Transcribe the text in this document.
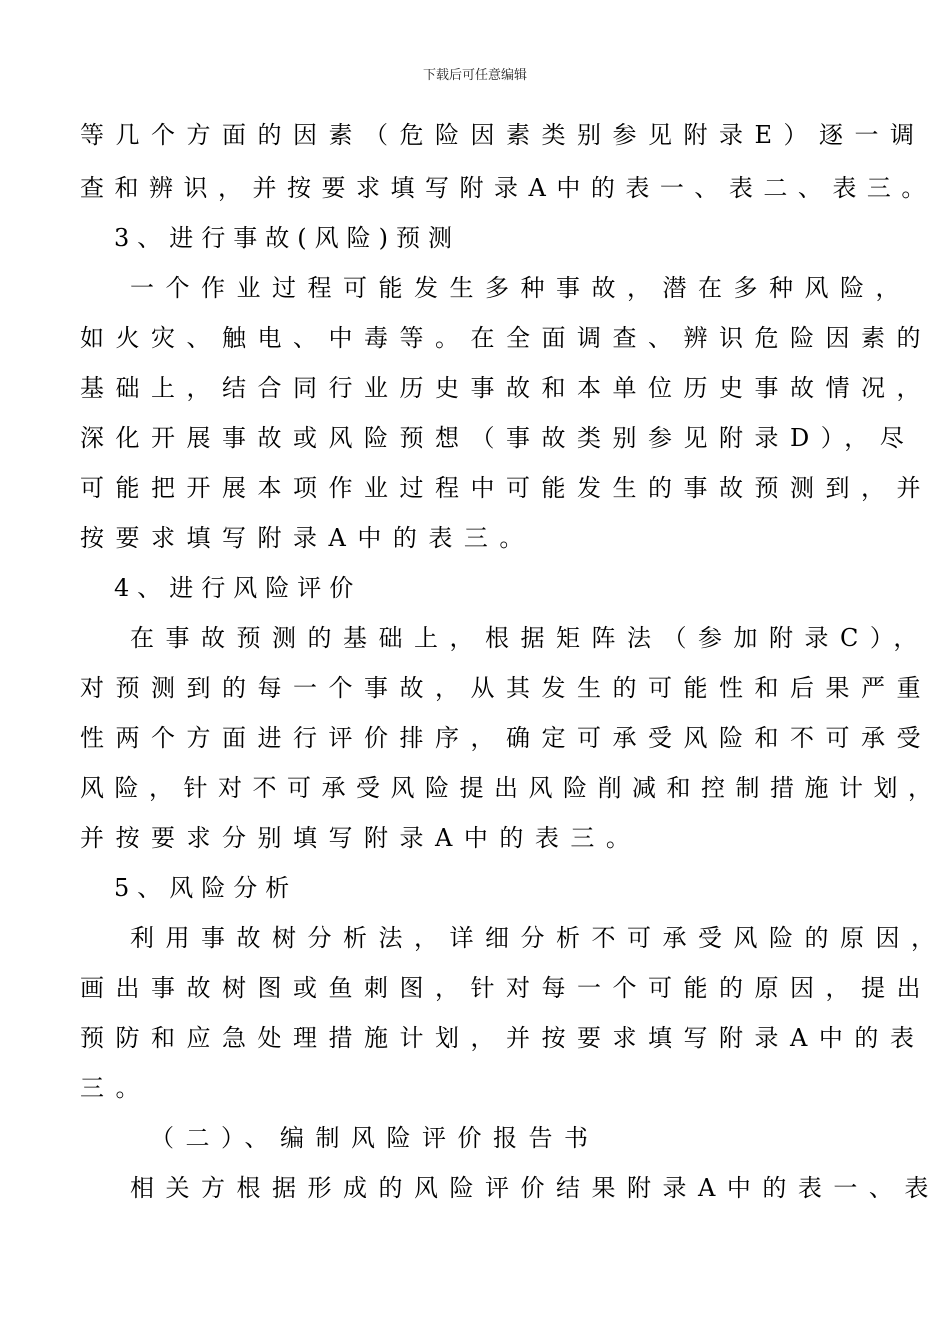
下载后可任意编辑
等几个方面的因素（危险因素类别参见附录E）逐一调
查和辨识，并按要求填写附录A中的表一、表二、表三。
3、进行事故(风险)预测
一个作业过程可能发生多种事故，潜在多种风险，
如火灾、触电、中毒等。在全面调查、辨识危险因素的
基础上，结合同行业历史事故和本单位历史事故情况，
深化开展事故或风险预想（事故类别参见附录D），尽
可能把开展本项作业过程中可能发生的事故预测到，并
按要求填写附录A中的表三。
4、进行风险评价
在事故预测的基础上，根据矩阵法（参加附录C），
对预测到的每一个事故，从其发生的可能性和后果严重
性两个方面进行评价排序，确定可承受风险和不可承受
风险，针对不可承受风险提出风险削减和控制措施计划，
并按要求分别填写附录A中的表三。
5、风险分析
利用事故树分析法，详细分析不可承受风险的原因，
画出事故树图或鱼刺图，针对每一个可能的原因，提出
预防和应急处理措施计划，并按要求填写附录A中的表
三。
（二）、编制风险评价报告书
相关方根据形成的风险评价结果附录A中的表一、表
